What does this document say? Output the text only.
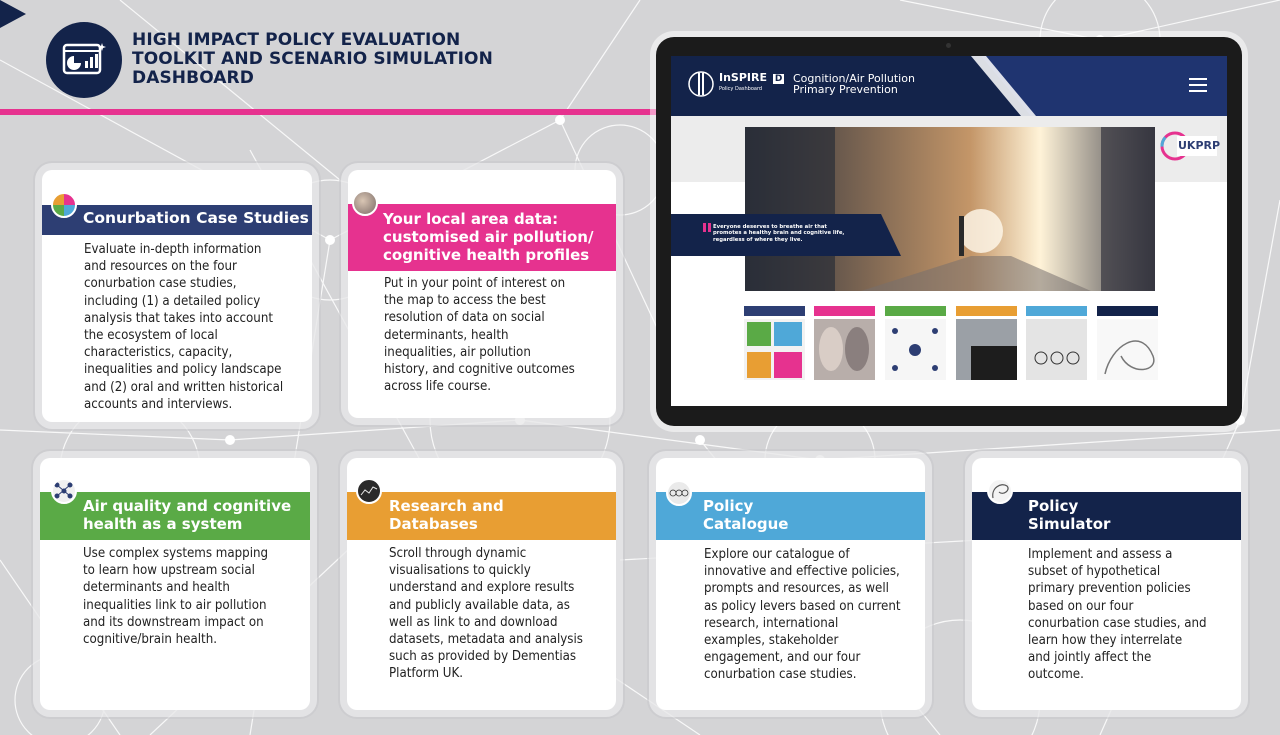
HIGH IMPACT POLICY EVALUATION
TOOLKIT AND SCENARIO SIMULATION
DASHBOARD
Conurbation Case Studies
Evaluate in-depth information
and resources on the four
conurbation case studies,
including (1) a detailed policy
analysis that takes into account
the ecosystem of local
characteristics, capacity,
inequalities and policy landscape
and (2) oral and written historical
accounts and interviews.
Your local area data:
customised air pollution/
cognitive health profiles
Put in your point of interest on
the map to access the best
resolution of data on social
determinants, health
inequalities, air pollution
history, and cognitive outcomes
across life course.
Air quality and cognitive
health as a system
Use complex systems mapping
to learn how upstream social
determinants and health
inequalities link to air pollution
and its downstream impact on
cognitive/brain health.
Research and
Databases
Scroll through dynamic
visualisations to quickly
understand and explore results
and publicly available data, as
well as link to and download
datasets, metadata and analysis
such as provided by Dementias
Platform UK.
Policy
Catalogue
Explore our catalogue of
innovative and effective policies,
prompts and resources, as well
as policy levers based on current
research, international
examples, stakeholder
engagement, and our four
conurbation case studies.
Policy
Simulator
Implement and assess a
subset of hypothetical
primary prevention policies
based on our four
conurbation case studies, and
learn how they interrelate
and jointly affect the
outcome.
InSPIRE D
Policy Dashboard
Cognition/Air Pollution
Primary Prevention
UKPRP
Everyone deserves to breathe air that
promotes a healthy brain and cognitive life,
regardless of where they live.
